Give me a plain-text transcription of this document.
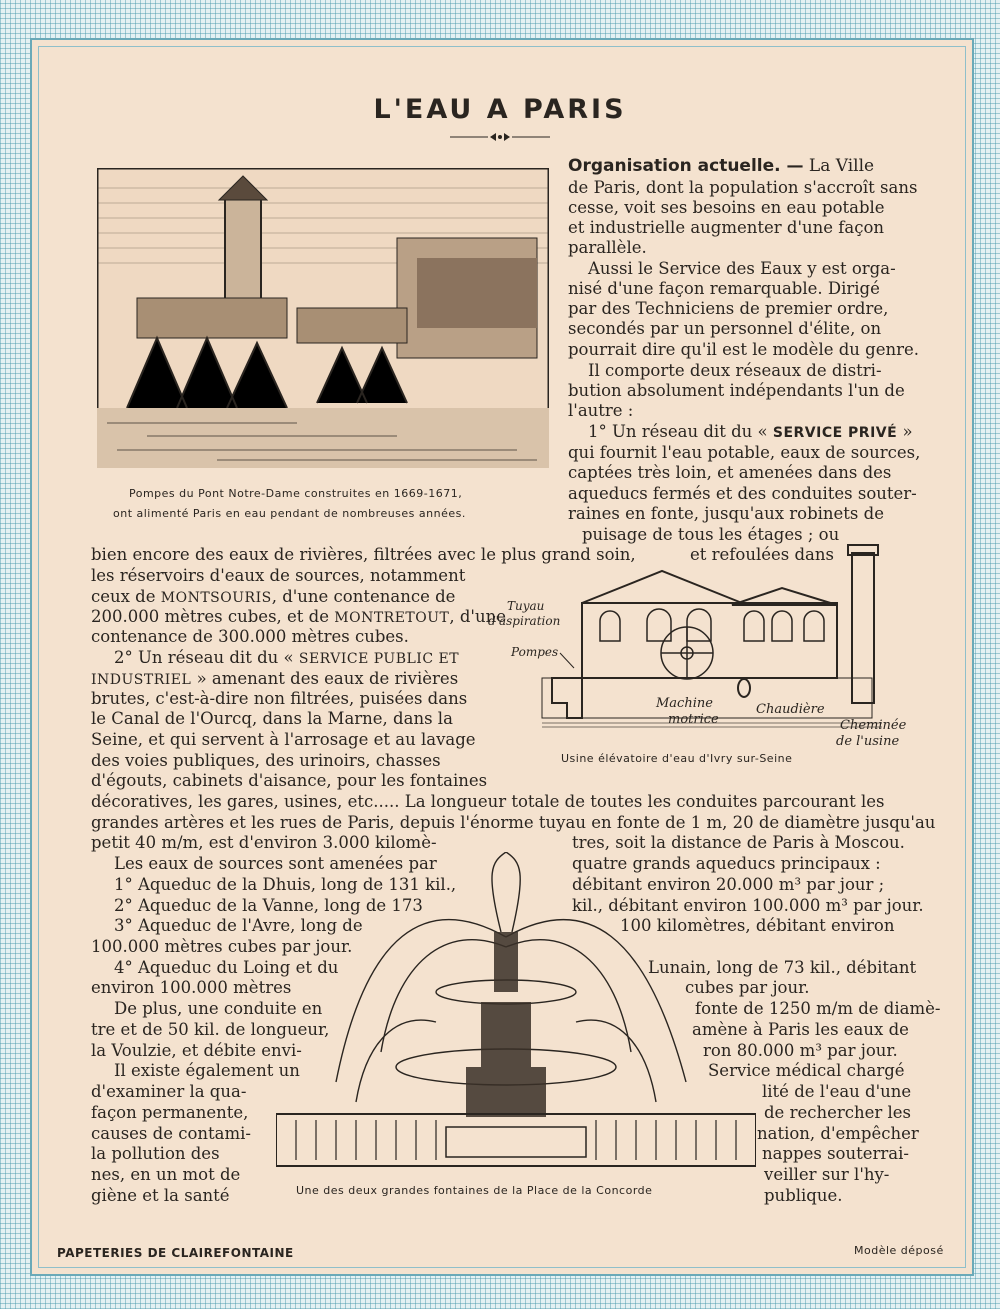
L'EAU A PARIS
Pompes du Pont Notre-Dame construites en 1669-1671,
ont alimenté Paris en eau pendant de nombreuses années.
Organisation actuelle. — La Ville
de Paris, dont la population s'accroît sans
cesse, voit ses besoins en eau potable
et industrielle augmenter d'une façon
parallèle.
Aussi le Service des Eaux y est orga-
nisé d'une façon remarquable. Dirigé
par des Techniciens de premier ordre,
secondés par un personnel d'élite, on
pourrait dire qu'il est le modèle du genre.
Il comporte deux réseaux de distri-
bution absolument indépendants l'un de
l'autre :
1° Un réseau dit du « SERVICE PRIVÉ »
qui fournit l'eau potable, eaux de sources,
captées très loin, et amenées dans des
aqueducs fermés et des conduites souter-
raines en fonte, jusqu'aux robinets de
puisage de tous les étages ; ou
bien encore des eaux de rivières, filtrées avec le plus grand soin,	et refoulées dans
les réservoirs d'eaux de sources, notamment
ceux de MONTSOURIS, d'une contenance de
200.000 mètres cubes, et de MONTRETOUT, d'une
contenance de 300.000 mètres cubes.
2° Un réseau dit du « SERVICE PUBLIC ET
INDUSTRIEL » amenant des eaux de rivières
brutes, c'est-à-dire non filtrées, puisées dans
le Canal de l'Ourcq, dans la Marne, dans la
Seine, et qui servent à l'arrosage et au lavage
des voies publiques, des urinoirs, chasses
d'égouts, cabinets d'aisance, pour les fontaines
Tuyau
d'aspiration
Pompes
Machine
motrice
Chaudière
Cheminée
de l'usine
Usine élévatoire d'eau d'Ivry sur-Seine
décoratives, les gares, usines, etc..... La longueur totale de toutes les conduites parcourant les
grandes artères et les rues de Paris, depuis l'énorme tuyau en fonte de 1 m, 20 de diamètre jusqu'au
petit 40 m/m, est d'environ 3.000 kilomè-	tres, soit la distance de Paris à Moscou.
Les eaux de sources sont amenées par
1° Aqueduc de la Dhuis, long de 131 kil.,
2° Aqueduc de la Vanne, long de 173
3° Aqueduc de l'Avre, long de
100.000 mètres cubes par jour.
4° Aqueduc du Loing et du
environ 100.000 mètres
De plus, une conduite en
tre et de 50 kil. de longueur,
la Voulzie, et débite envi-
Il existe également un
d'examiner la qua-
façon permanente,
causes de contami-
la pollution des
nes, en un mot de
giène et la santé
quatre grands aqueducs principaux :
débitant environ 20.000 m³ par jour ;
kil., débitant environ 100.000 m³ par jour.
100 kilomètres, débitant environ
Lunain, long de 73 kil., débitant
cubes par jour.
fonte de 1250 m/m de diamè-
amène à Paris les eaux de
ron 80.000 m³ par jour.
Service médical chargé
lité de l'eau d'une
de rechercher les
nation, d'empêcher
nappes souterrai-
veiller sur l'hy-
publique.
Une des deux grandes fontaines de la Place de la Concorde
PAPETERIES DE CLAIREFONTAINE	Modèle déposé
